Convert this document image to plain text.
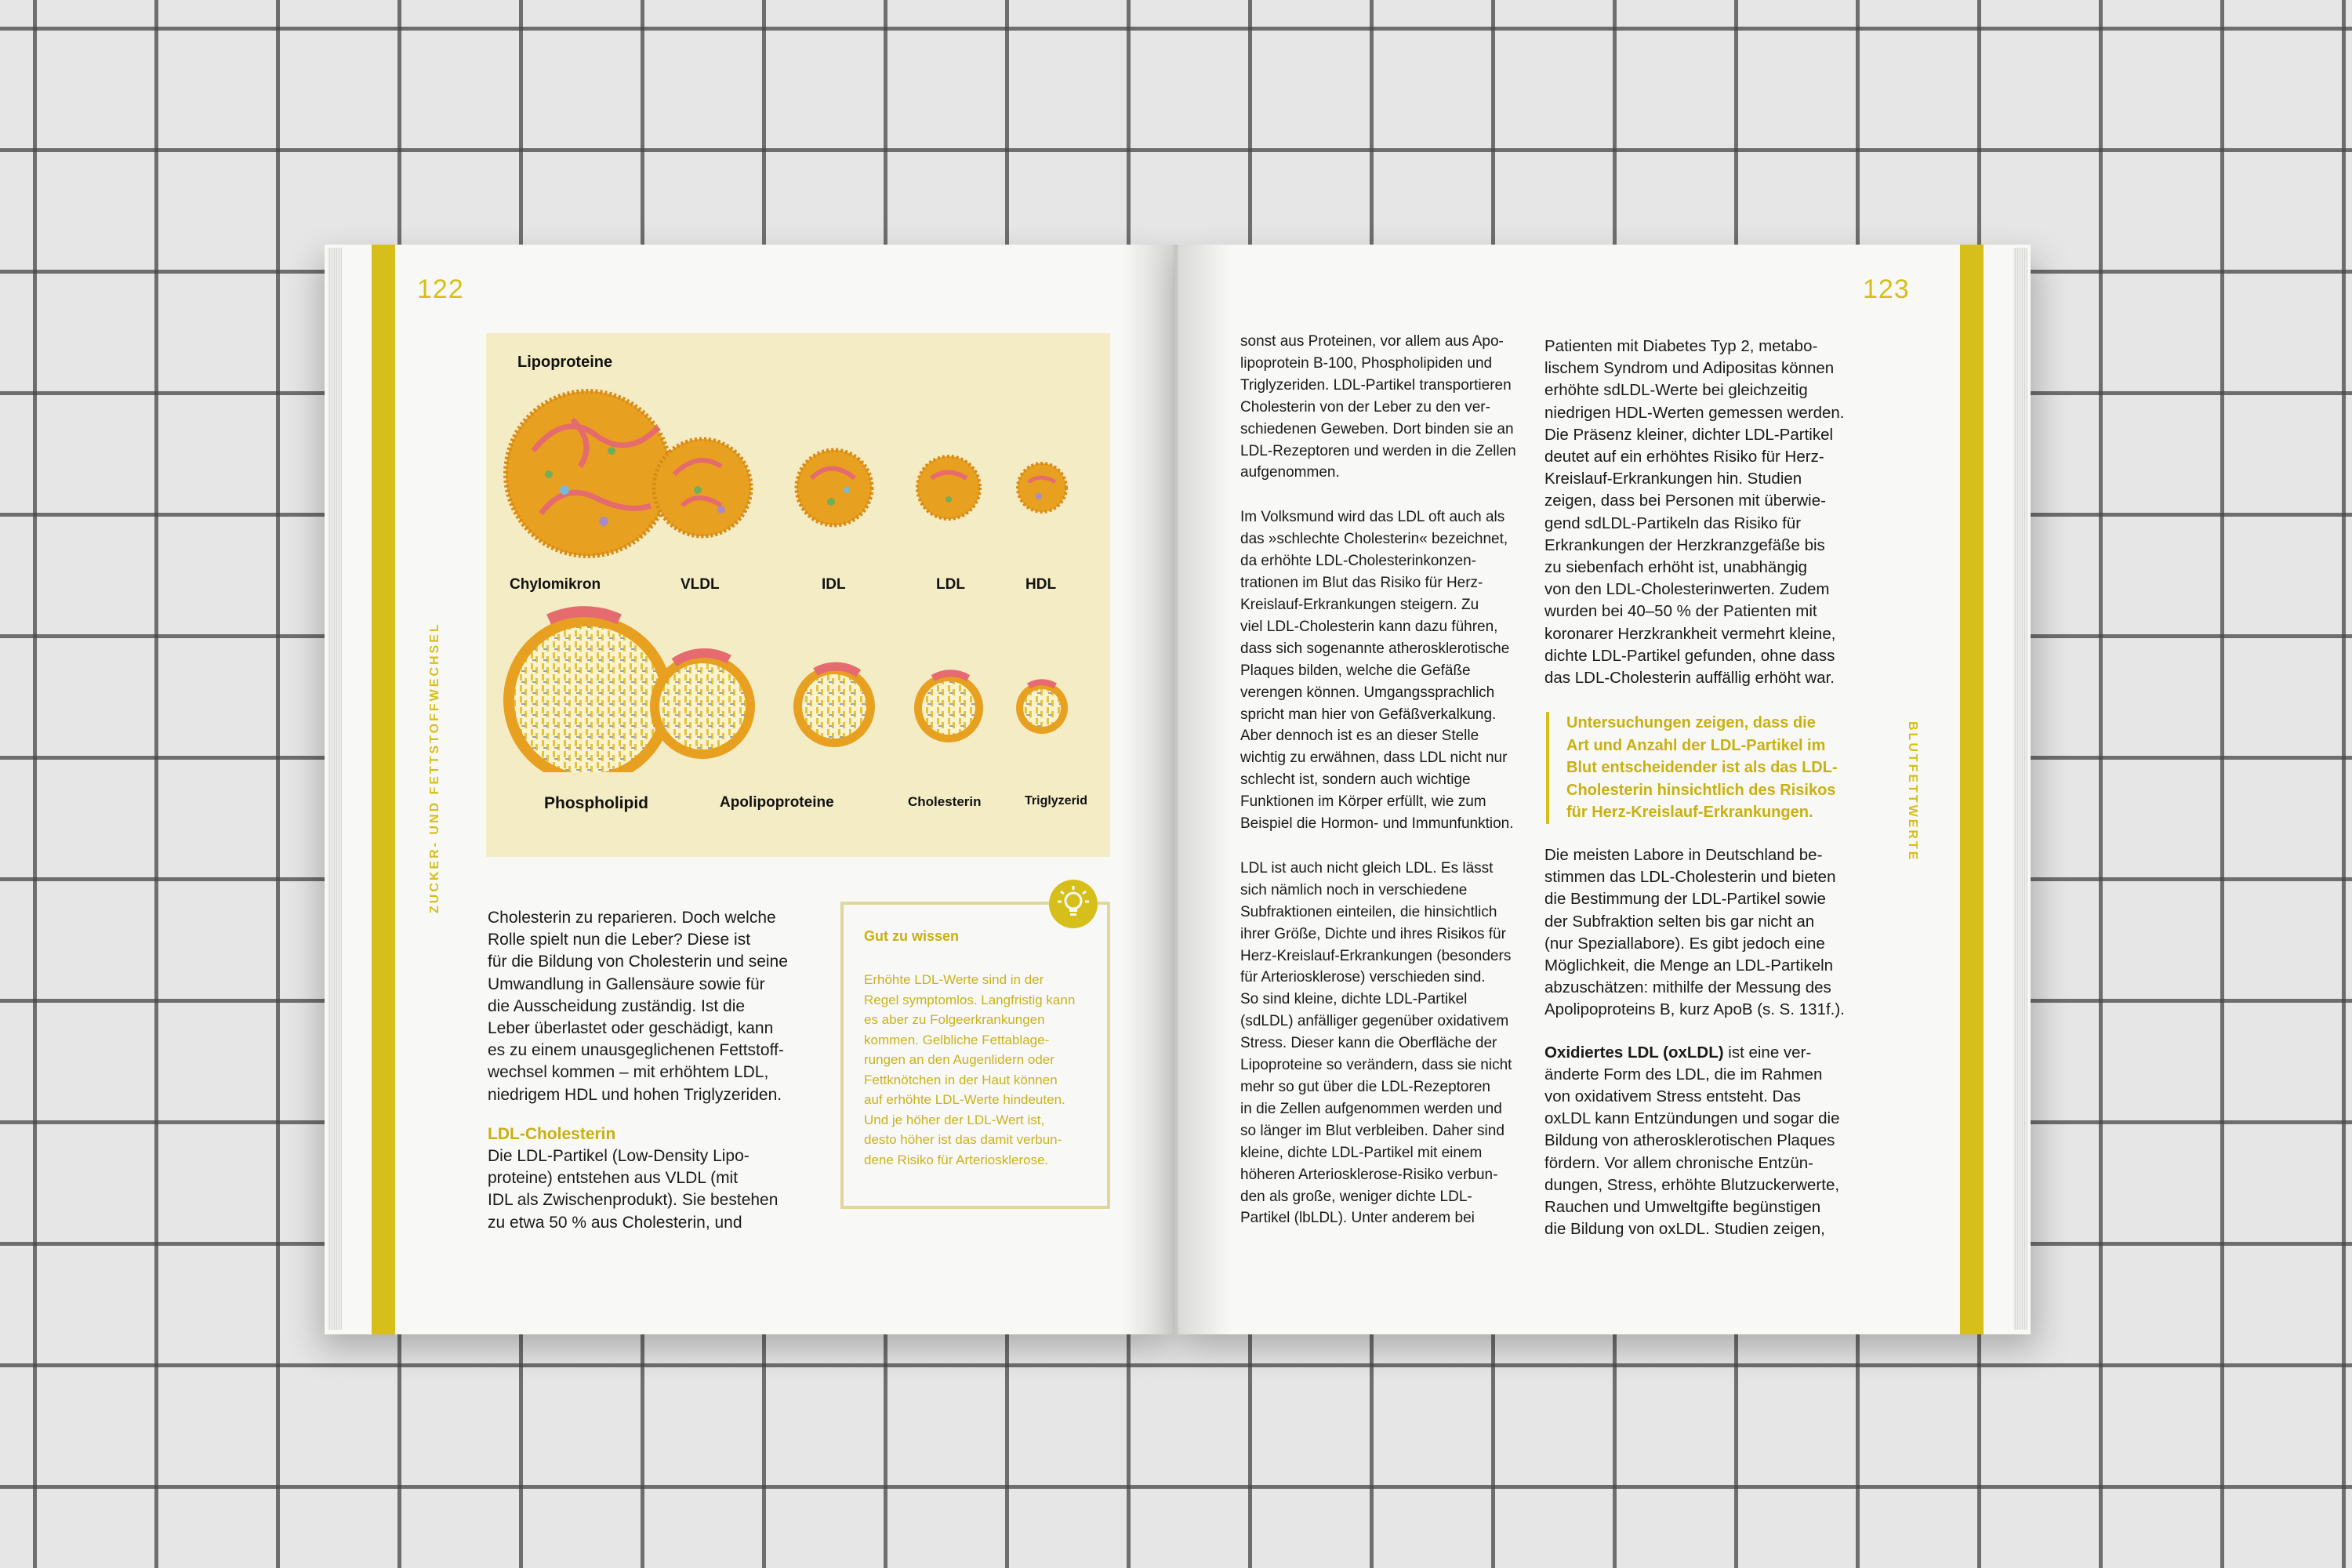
122	123
ZUCKER- UND FETTSTOFFWECHSEL	BLUTFETTWERTE
Lipoproteine
Chylomikron	VLDL	IDL	LDL	HDL
Phospholipid	Apolipoproteine	Cholesterin	Triglyzerid
Cholesterin zu reparieren. Doch welche
Rolle spielt nun die Leber? Diese ist
für die Bildung von Cholesterin und seine
Umwandlung in Gallensäure sowie für
die Ausscheidung zuständig. Ist die
Leber überlastet oder geschädigt, kann
es zu einem unausgeglichenen Fettstoff-
wechsel kommen – mit erhöhtem LDL,
niedrigem HDL und hohen Triglyzeriden.
LDL-Cholesterin
Die LDL-Partikel (Low-Density Lipo-
proteine) entstehen aus VLDL (mit
IDL als Zwischenprodukt). Sie bestehen
zu etwa 50 % aus Cholesterin, und
Gut zu wissen
Erhöhte LDL-Werte sind in der
Regel symptomlos. Langfristig kann
es aber zu Folgeerkrankungen
kommen. Gelbliche Fettablage-
rungen an den Augenlidern oder
Fettknötchen in der Haut können
auf erhöhte LDL-Werte hindeuten.
Und je höher der LDL-Wert ist,
desto höher ist das damit verbun-
dene Risiko für Arteriosklerose.
sonst aus Proteinen, vor allem aus Apo-
lipoprotein B-100, Phospholipiden und
Triglyzeriden. LDL-Partikel transportieren
Cholesterin von der Leber zu den ver-
schiedenen Geweben. Dort binden sie an
LDL-Rezeptoren und werden in die Zellen
aufgenommen.
Im Volksmund wird das LDL oft auch als
das »schlechte Cholesterin« bezeichnet,
da erhöhte LDL-Cholesterinkonzen-
trationen im Blut das Risiko für Herz-
Kreislauf-Erkrankungen steigern. Zu
viel LDL-Cholesterin kann dazu führen,
dass sich sogenannte atherosklerotische
Plaques bilden, welche die Gefäße
verengen können. Umgangssprachlich
spricht man hier von Gefäßverkalkung.
Aber dennoch ist es an dieser Stelle
wichtig zu erwähnen, dass LDL nicht nur
schlecht ist, sondern auch wichtige
Funktionen im Körper erfüllt, wie zum
Beispiel die Hormon- und Immunfunktion.
LDL ist auch nicht gleich LDL. Es lässt
sich nämlich noch in verschiedene
Subfraktionen einteilen, die hinsichtlich
ihrer Größe, Dichte und ihres Risikos für
Herz-Kreislauf-Erkrankungen (besonders
für Arteriosklerose) verschieden sind.
So sind kleine, dichte LDL-Partikel
(sdLDL) anfälliger gegenüber oxidativem
Stress. Dieser kann die Oberfläche der
Lipoproteine so verändern, dass sie nicht
mehr so gut über die LDL-Rezeptoren
in die Zellen aufgenommen werden und
so länger im Blut verbleiben. Daher sind
kleine, dichte LDL-Partikel mit einem
höheren Arteriosklerose-Risiko verbun-
den als große, weniger dichte LDL-
Partikel (lbLDL). Unter anderem bei
Patienten mit Diabetes Typ 2, metabo-
lischem Syndrom und Adipositas können
erhöhte sdLDL-Werte bei gleichzeitig
niedrigen HDL-Werten gemessen werden.
Die Präsenz kleiner, dichter LDL-Partikel
deutet auf ein erhöhtes Risiko für Herz-
Kreislauf-Erkrankungen hin. Studien
zeigen, dass bei Personen mit überwie-
gend sdLDL-Partikeln das Risiko für
Erkrankungen der Herzkranzgefäße bis
zu siebenfach erhöht ist, unabhängig
von den LDL-Cholesterinwerten. Zudem
wurden bei 40–50 % der Patienten mit
koronarer Herzkrankheit vermehrt kleine,
dichte LDL-Partikel gefunden, ohne dass
das LDL-Cholesterin auffällig erhöht war.
Untersuchungen zeigen, dass die
Art und Anzahl der LDL-Partikel im
Blut entscheidender ist als das LDL-
Cholesterin hinsichtlich des Risikos
für Herz-Kreislauf-Erkrankungen.
Die meisten Labore in Deutschland be-
stimmen das LDL-Cholesterin und bieten
die Bestimmung der LDL-Partikel sowie
der Subfraktion selten bis gar nicht an
(nur Speziallabore). Es gibt jedoch eine
Möglichkeit, die Menge an LDL-Partikeln
abzuschätzen: mithilfe der Messung des
Apolipoproteins B, kurz ApoB (s. S. 131f.).
Oxidiertes LDL (oxLDL) ist eine ver-
änderte Form des LDL, die im Rahmen
von oxidativem Stress entsteht. Das
oxLDL kann Entzündungen und sogar die
Bildung von atherosklerotischen Plaques
fördern. Vor allem chronische Entzün-
dungen, Stress, erhöhte Blutzuckerwerte,
Rauchen und Umweltgifte begünstigen
die Bildung von oxLDL. Studien zeigen,
